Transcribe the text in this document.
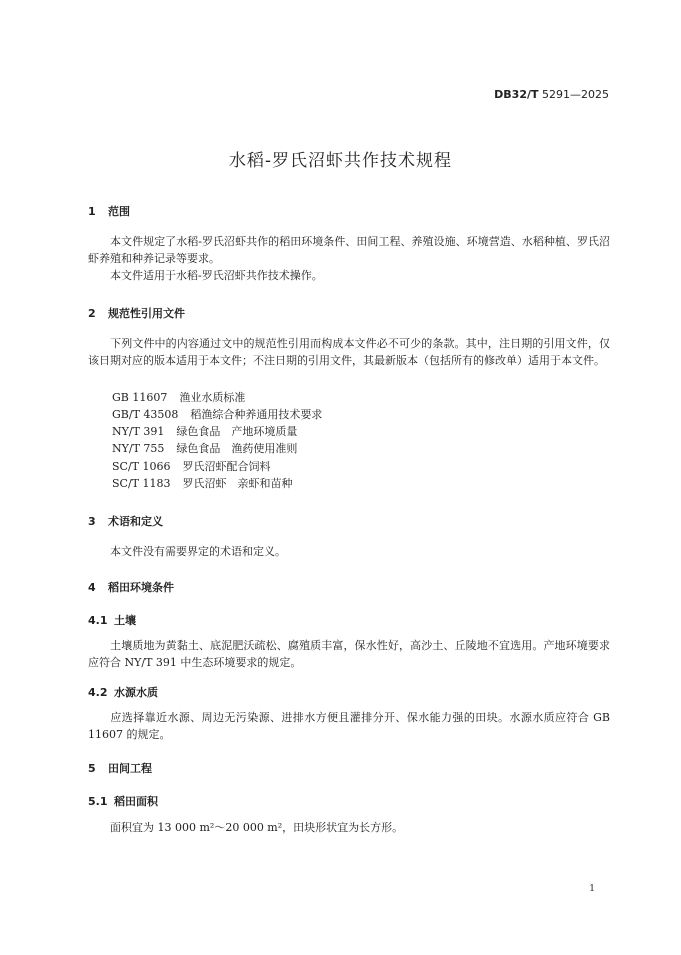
DB32/T 5291—2025
水稻-罗氏沼虾共作技术规程
1 范围
本文件规定了水稻-罗氏沼虾共作的稻田环境条件、田间工程、养殖设施、环境营造、水稻种植、罗氏沼虾养殖和种养记录等要求。
本文件适用于水稻-罗氏沼虾共作技术操作。
2 规范性引用文件
下列文件中的内容通过文中的规范性引用而构成本文件必不可少的条款。其中，注日期的引用文件，仅该日期对应的版本适用于本文件；不注日期的引用文件，其最新版本（包括所有的修改单）适用于本文件。
GB 11607 渔业水质标准
GB/T 43508 稻渔综合种养通用技术要求
NY/T 391 绿色食品　产地环境质量
NY/T 755 绿色食品　渔药使用准则
SC/T 1066 罗氏沼虾配合饲料
SC/T 1183 罗氏沼虾　亲虾和苗种
3 术语和定义
本文件没有需要界定的术语和定义。
4 稻田环境条件
4.1 土壤
土壤质地为黄黏土、底泥肥沃疏松、腐殖质丰富，保水性好，高沙土、丘陵地不宜选用。产地环境要求应符合 NY/T 391 中生态环境要求的规定。
4.2 水源水质
应选择靠近水源、周边无污染源、进排水方便且灌排分开、保水能力强的田块。水源水质应符合 GB 11607 的规定。
5 田间工程
5.1 稻田面积
面积宜为 13 000 m²～20 000 m²，田块形状宜为长方形。
1
